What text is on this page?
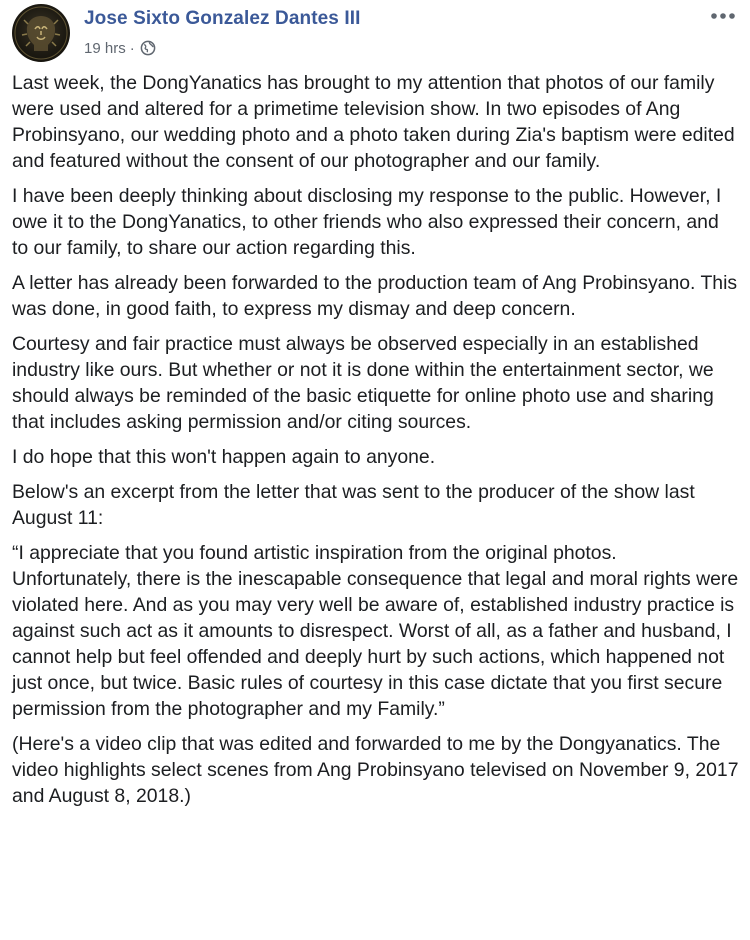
Jose Sixto Gonzalez Dantes III
19 hrs ·

Last week, the DongYanatics has brought to my attention that photos of our family were used and altered for a primetime television show. In two episodes of Ang Probinsyano, our wedding photo and a photo taken during Zia's baptism were edited and featured without the consent of our photographer and our family.

I have been deeply thinking about disclosing my response to the public. However, I owe it to the DongYanatics, to other friends who also expressed their concern, and to our family, to share our action regarding this.

A letter has already been forwarded to the production team of Ang Probinsyano. This was done, in good faith, to express my dismay and deep concern.

Courtesy and fair practice must always be observed especially in an established industry like ours. But whether or not it is done within the entertainment sector, we should always be reminded of the basic etiquette for online photo use and sharing that includes asking permission and/or citing sources.

I do hope that this won't happen again to anyone.

Below's an excerpt from the letter that was sent to the producer of the show last August 11:

“I appreciate that you found artistic inspiration from the original photos. Unfortunately, there is the inescapable consequence that legal and moral rights were violated here. And as you may very well be aware of, established industry practice is against such act as it amounts to disrespect. Worst of all, as a father and husband, I cannot help but feel offended and deeply hurt by such actions, which happened not just once, but twice. Basic rules of courtesy in this case dictate that you first secure permission from the photographer and my Family.”

(Here's a video clip that was edited and forwarded to me by the Dongyanatics. The video highlights select scenes from Ang Probinsyano televised on November 9, 2017 and August 8, 2018.)
